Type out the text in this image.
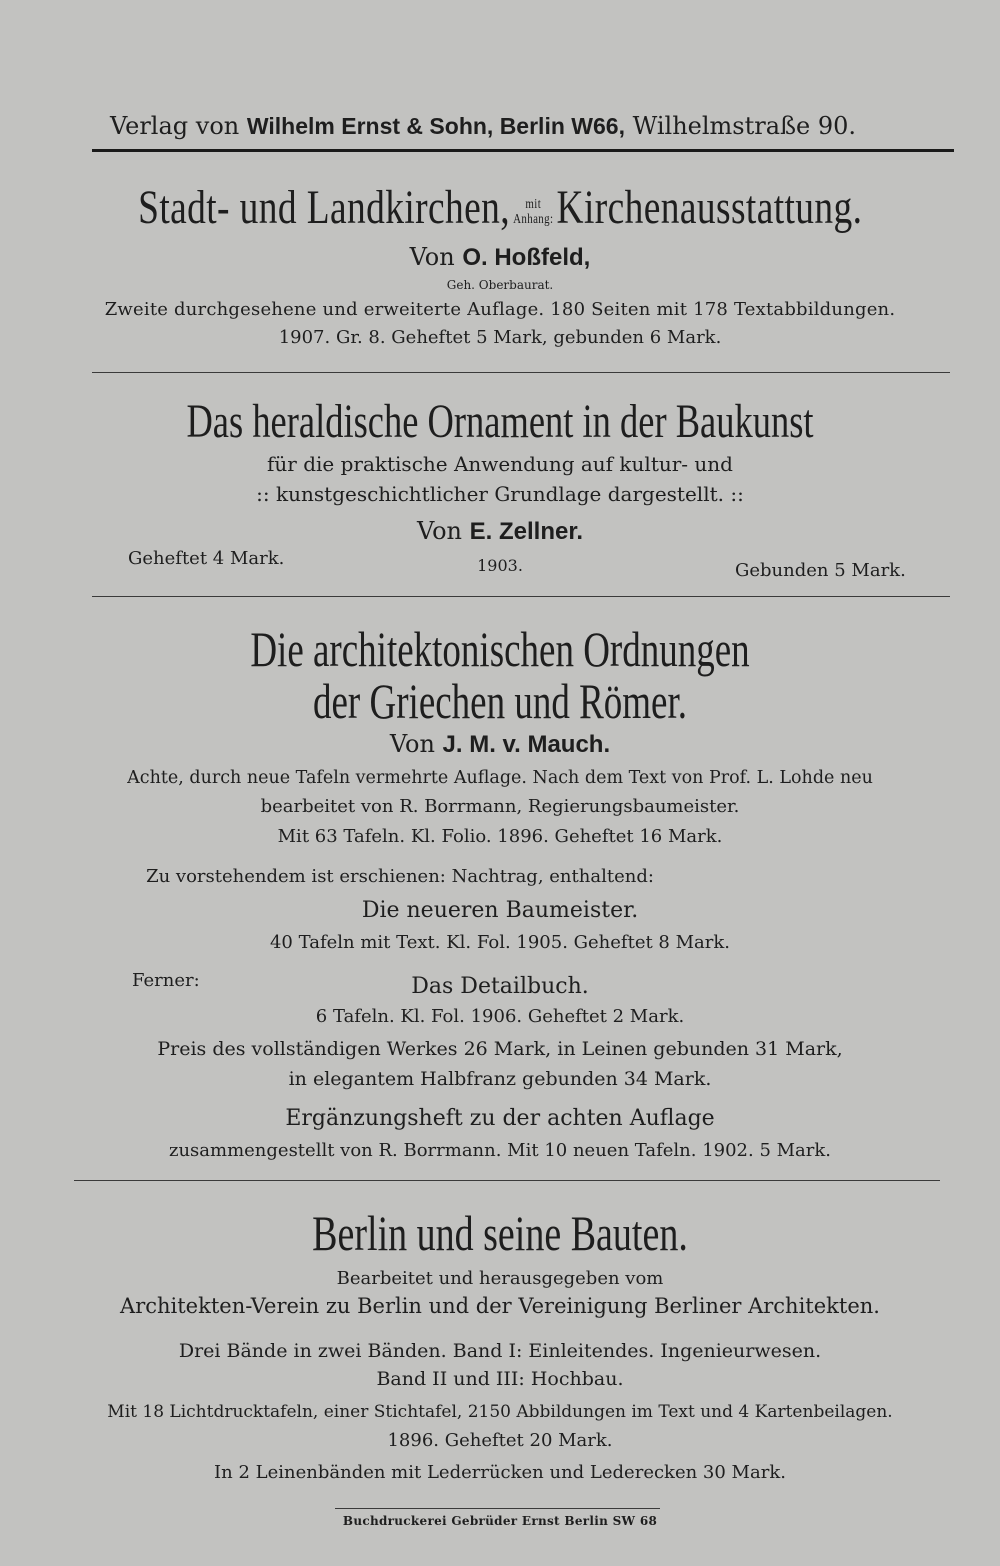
Verlag von Wilhelm Ernst & Sohn, Berlin W66, Wilhelmstraße 90.
Stadt- und Landkirchen,	mit
Anhang: Kirchenausstattung.
Von O. Hoßfeld,
Geh. Oberbaurat.
Zweite durchgesehene und erweiterte Auflage. 180 Seiten mit 178 Textabbildungen.
1907. Gr. 8. Geheftet 5 Mark, gebunden 6 Mark.
Das heraldische Ornament in der Baukunst
für die praktische Anwendung auf kultur- und
:: kunstgeschichtlicher Grundlage dargestellt. ::
Von E. Zellner.
Geheftet 4 Mark.	1903.	Gebunden 5 Mark.
Die architektonischen Ordnungen
der Griechen und Römer.
Von J. M. v. Mauch.
Achte, durch neue Tafeln vermehrte Auflage. Nach dem Text von Prof. L. Lohde neu
bearbeitet von R. Borrmann, Regierungsbaumeister.
Mit 63 Tafeln. Kl. Folio. 1896. Geheftet 16 Mark.
Zu vorstehendem ist erschienen: Nachtrag, enthaltend:
Die neueren Baumeister.
40 Tafeln mit Text. Kl. Fol. 1905. Geheftet 8 Mark.
Ferner:	Das Detailbuch.
6 Tafeln. Kl. Fol. 1906. Geheftet 2 Mark.
Preis des vollständigen Werkes 26 Mark, in Leinen gebunden 31 Mark,
in elegantem Halbfranz gebunden 34 Mark.
Ergänzungsheft zu der achten Auflage
zusammengestellt von R. Borrmann. Mit 10 neuen Tafeln. 1902. 5 Mark.
Berlin und seine Bauten.
Bearbeitet und herausgegeben vom
Architekten-Verein zu Berlin und der Vereinigung Berliner Architekten.
Drei Bände in zwei Bänden. Band I: Einleitendes. Ingenieurwesen.
Band II und III: Hochbau.
Mit 18 Lichtdrucktafeln, einer Stichtafel, 2150 Abbildungen im Text und 4 Kartenbeilagen.
1896. Geheftet 20 Mark.
In 2 Leinenbänden mit Lederrücken und Lederecken 30 Mark.
Buchdruckerei Gebrüder Ernst Berlin SW 68
